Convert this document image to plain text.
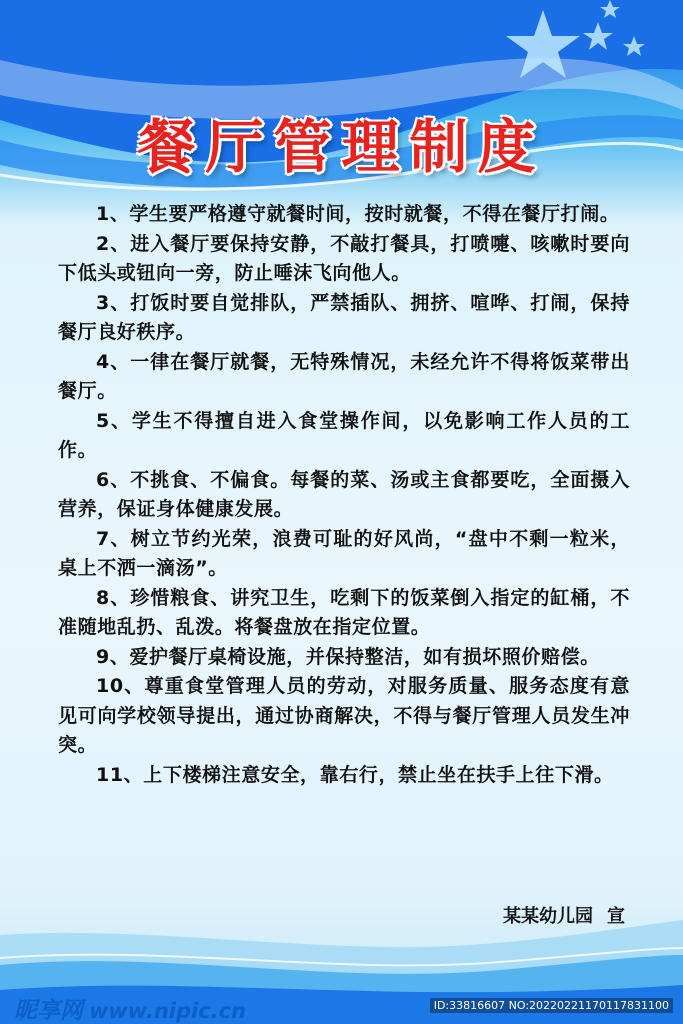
餐厅管理制度

1、学生要严格遵守就餐时间，按时就餐，不得在餐厅打闹。

2、进入餐厅要保持安静，不敲打餐具，打喷嚏、咳嗽时要向下低头或钮向一旁，防止唾沫飞向他人。

3、打饭时要自觉排队，严禁插队、拥挤、喧哗、打闹，保持餐厅良好秩序。

4、一律在餐厅就餐，无特殊情况，未经允许不得将饭菜带出餐厅。

5、学生不得擅自进入食堂操作间，以免影响工作人员的工作。

6、不挑食、不偏食。每餐的菜、汤或主食都要吃，全面摄入营养，保证身体健康发展。

7、树立节约光荣，浪费可耻的好风尚，“盘中不剩一粒米，桌上不洒一滴汤”。

8、珍惜粮食、讲究卫生，吃剩下的饭菜倒入指定的缸桶，不准随地乱扔、乱泼。将餐盘放在指定位置。

9、爱护餐厅桌椅设施，并保持整洁，如有损坏照价赔偿。

10、尊重食堂管理人员的劳动，对服务质量、服务态度有意见可向学校领导提出，通过协商解决，不得与餐厅管理人员发生冲突。

11、上下楼梯注意安全，靠右行，禁止坐在扶手上往下滑。

某某幼儿园 宣
昵享网 www.nipic.cn	ID:33816607 NO:20220221170117831100
